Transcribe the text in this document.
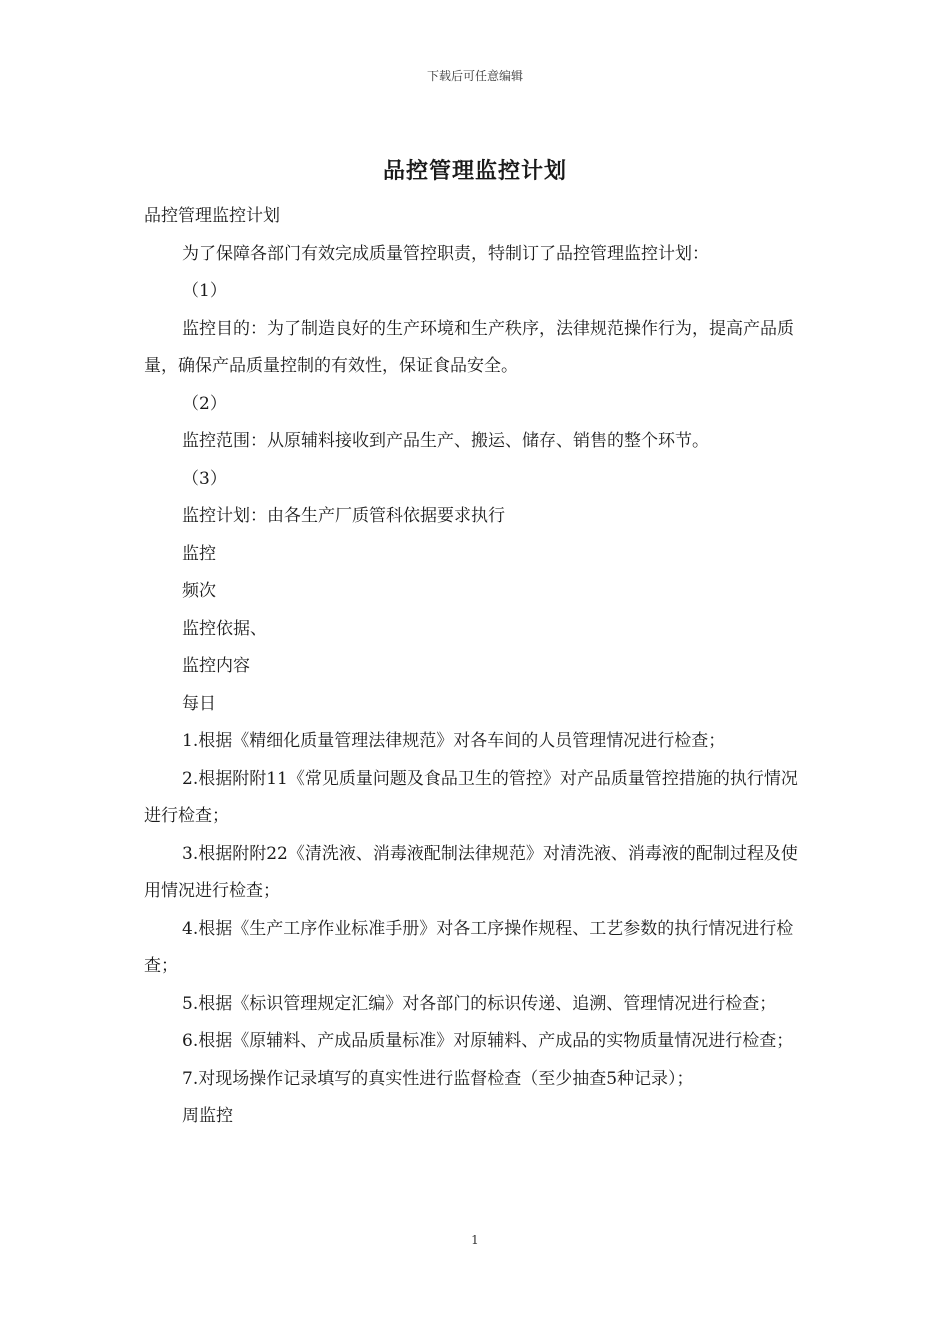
下载后可任意编辑
品控管理监控计划

品控管理监控计划

为了保障各部门有效完成质量管控职责，特制订了品控管理监控计划：

（1）

监控目的：为了制造良好的生产环境和生产秩序，法律规范操作行为，提高产品质量，确保产品质量控制的有效性，保证食品安全。

（2）

监控范围：从原辅料接收到产品生产、搬运、储存、销售的整个环节。

（3）

监控计划：由各生产厂质管科依据要求执行

监控

频次

监控依据、

监控内容

每日

1.根据《精细化质量管理法律规范》对各车间的人员管理情况进行检查；

2.根据附附11《常见质量问题及食品卫生的管控》对产品质量管控措施的执行情况进行检查；

3.根据附附22《清洗液、消毒液配制法律规范》对清洗液、消毒液的配制过程及使用情况进行检查；

4.根据《生产工序作业标准手册》对各工序操作规程、工艺参数的执行情况进行检查；

5.根据《标识管理规定汇编》对各部门的标识传递、追溯、管理情况进行检查；

6.根据《原辅料、产成品质量标准》对原辅料、产成品的实物质量情况进行检查；

7.对现场操作记录填写的真实性进行监督检查（至少抽查5种记录）；

周监控

1
